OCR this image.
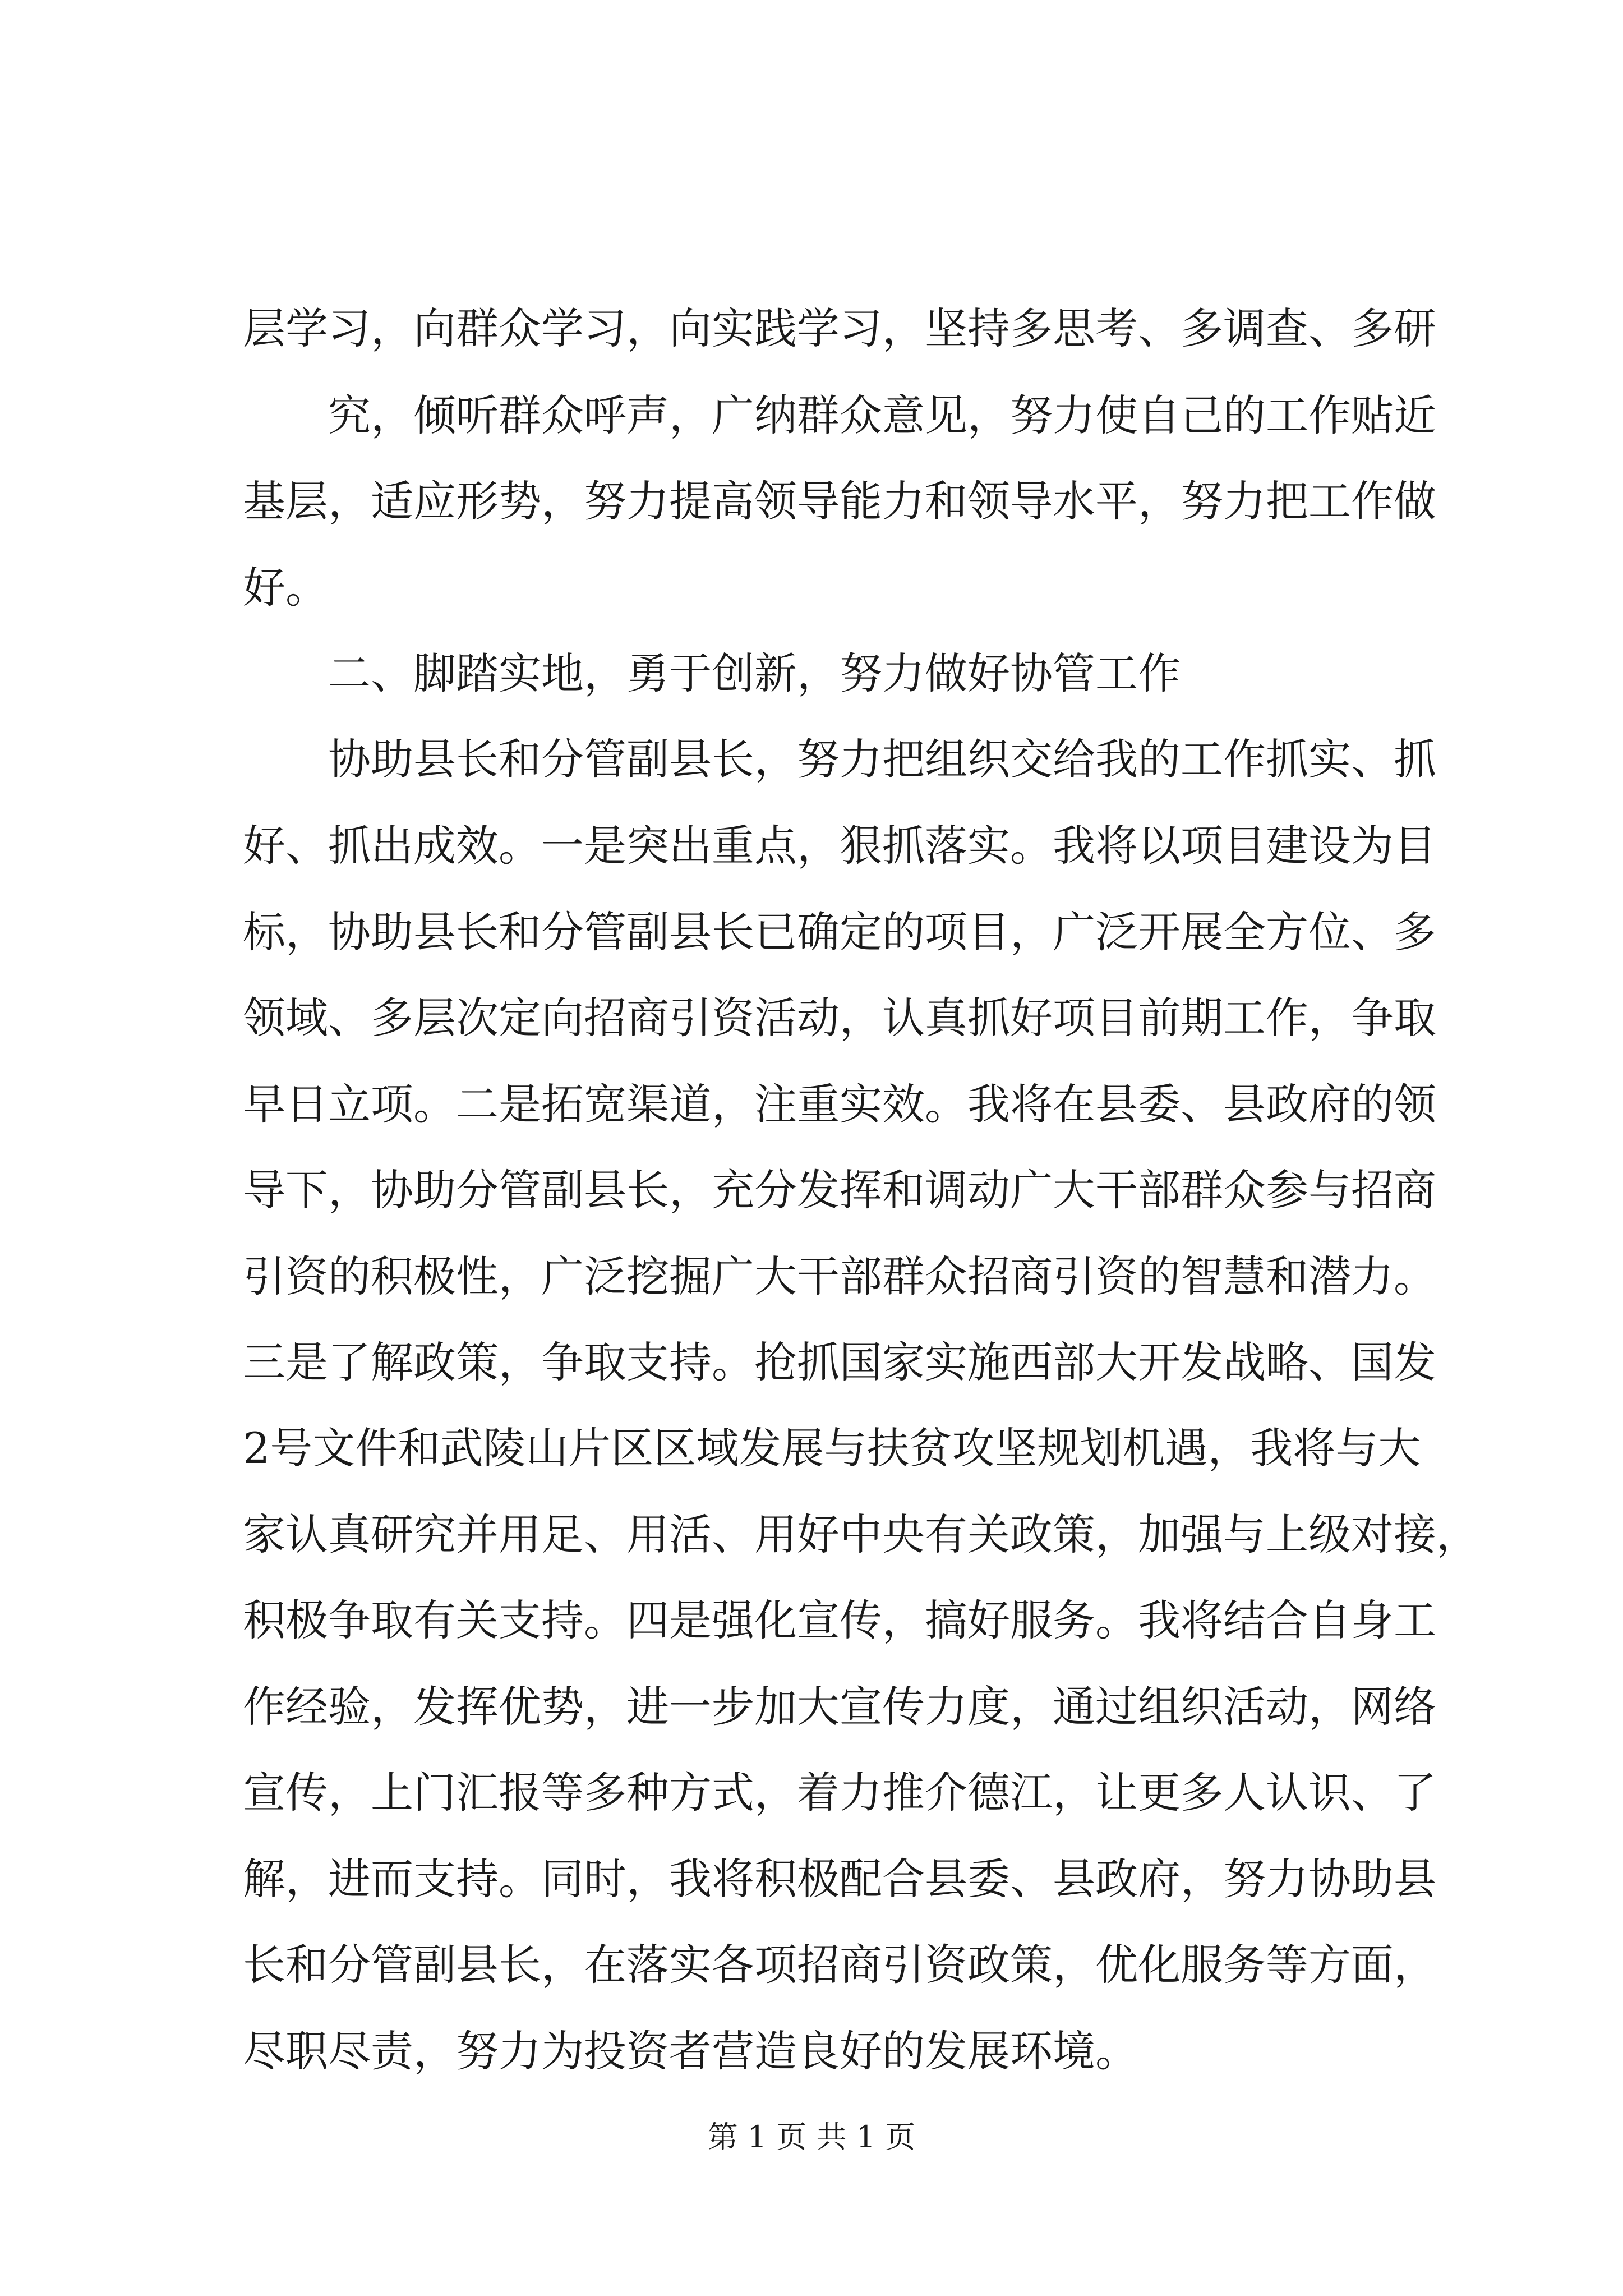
层学习，向群众学习，向实践学习，坚持多思考、多调查、多研

究，倾听群众呼声，广纳群众意见，努力使自己的工作贴近

基层，适应形势，努力提高领导能力和领导水平，努力把工作做

好。

二、脚踏实地，勇于创新，努力做好协管工作

协助县长和分管副县长，努力把组织交给我的工作抓实、抓

好、抓出成效。一是突出重点，狠抓落实。我将以项目建设为目

标，协助县长和分管副县长已确定的项目，广泛开展全方位、多

领域、多层次定向招商引资活动，认真抓好项目前期工作，争取

早日立项。二是拓宽渠道，注重实效。我将在县委、县政府的领

导下，协助分管副县长，充分发挥和调动广大干部群众参与招商

引资的积极性，广泛挖掘广大干部群众招商引资的智慧和潜力。

三是了解政策，争取支持。抢抓国家实施西部大开发战略、国发

2号文件和武陵山片区区域发展与扶贫攻坚规划机遇，我将与大

家认真研究并用足、用活、用好中央有关政策，加强与上级对接，

积极争取有关支持。四是强化宣传，搞好服务。我将结合自身工

作经验，发挥优势，进一步加大宣传力度，通过组织活动，网络

宣传，上门汇报等多种方式，着力推介德江，让更多人认识、了

解，进而支持。同时，我将积极配合县委、县政府，努力协助县

长和分管副县长，在落实各项招商引资政策，优化服务等方面，

尽职尽责，努力为投资者营造良好的发展环境。

第 1 页 共 1 页
